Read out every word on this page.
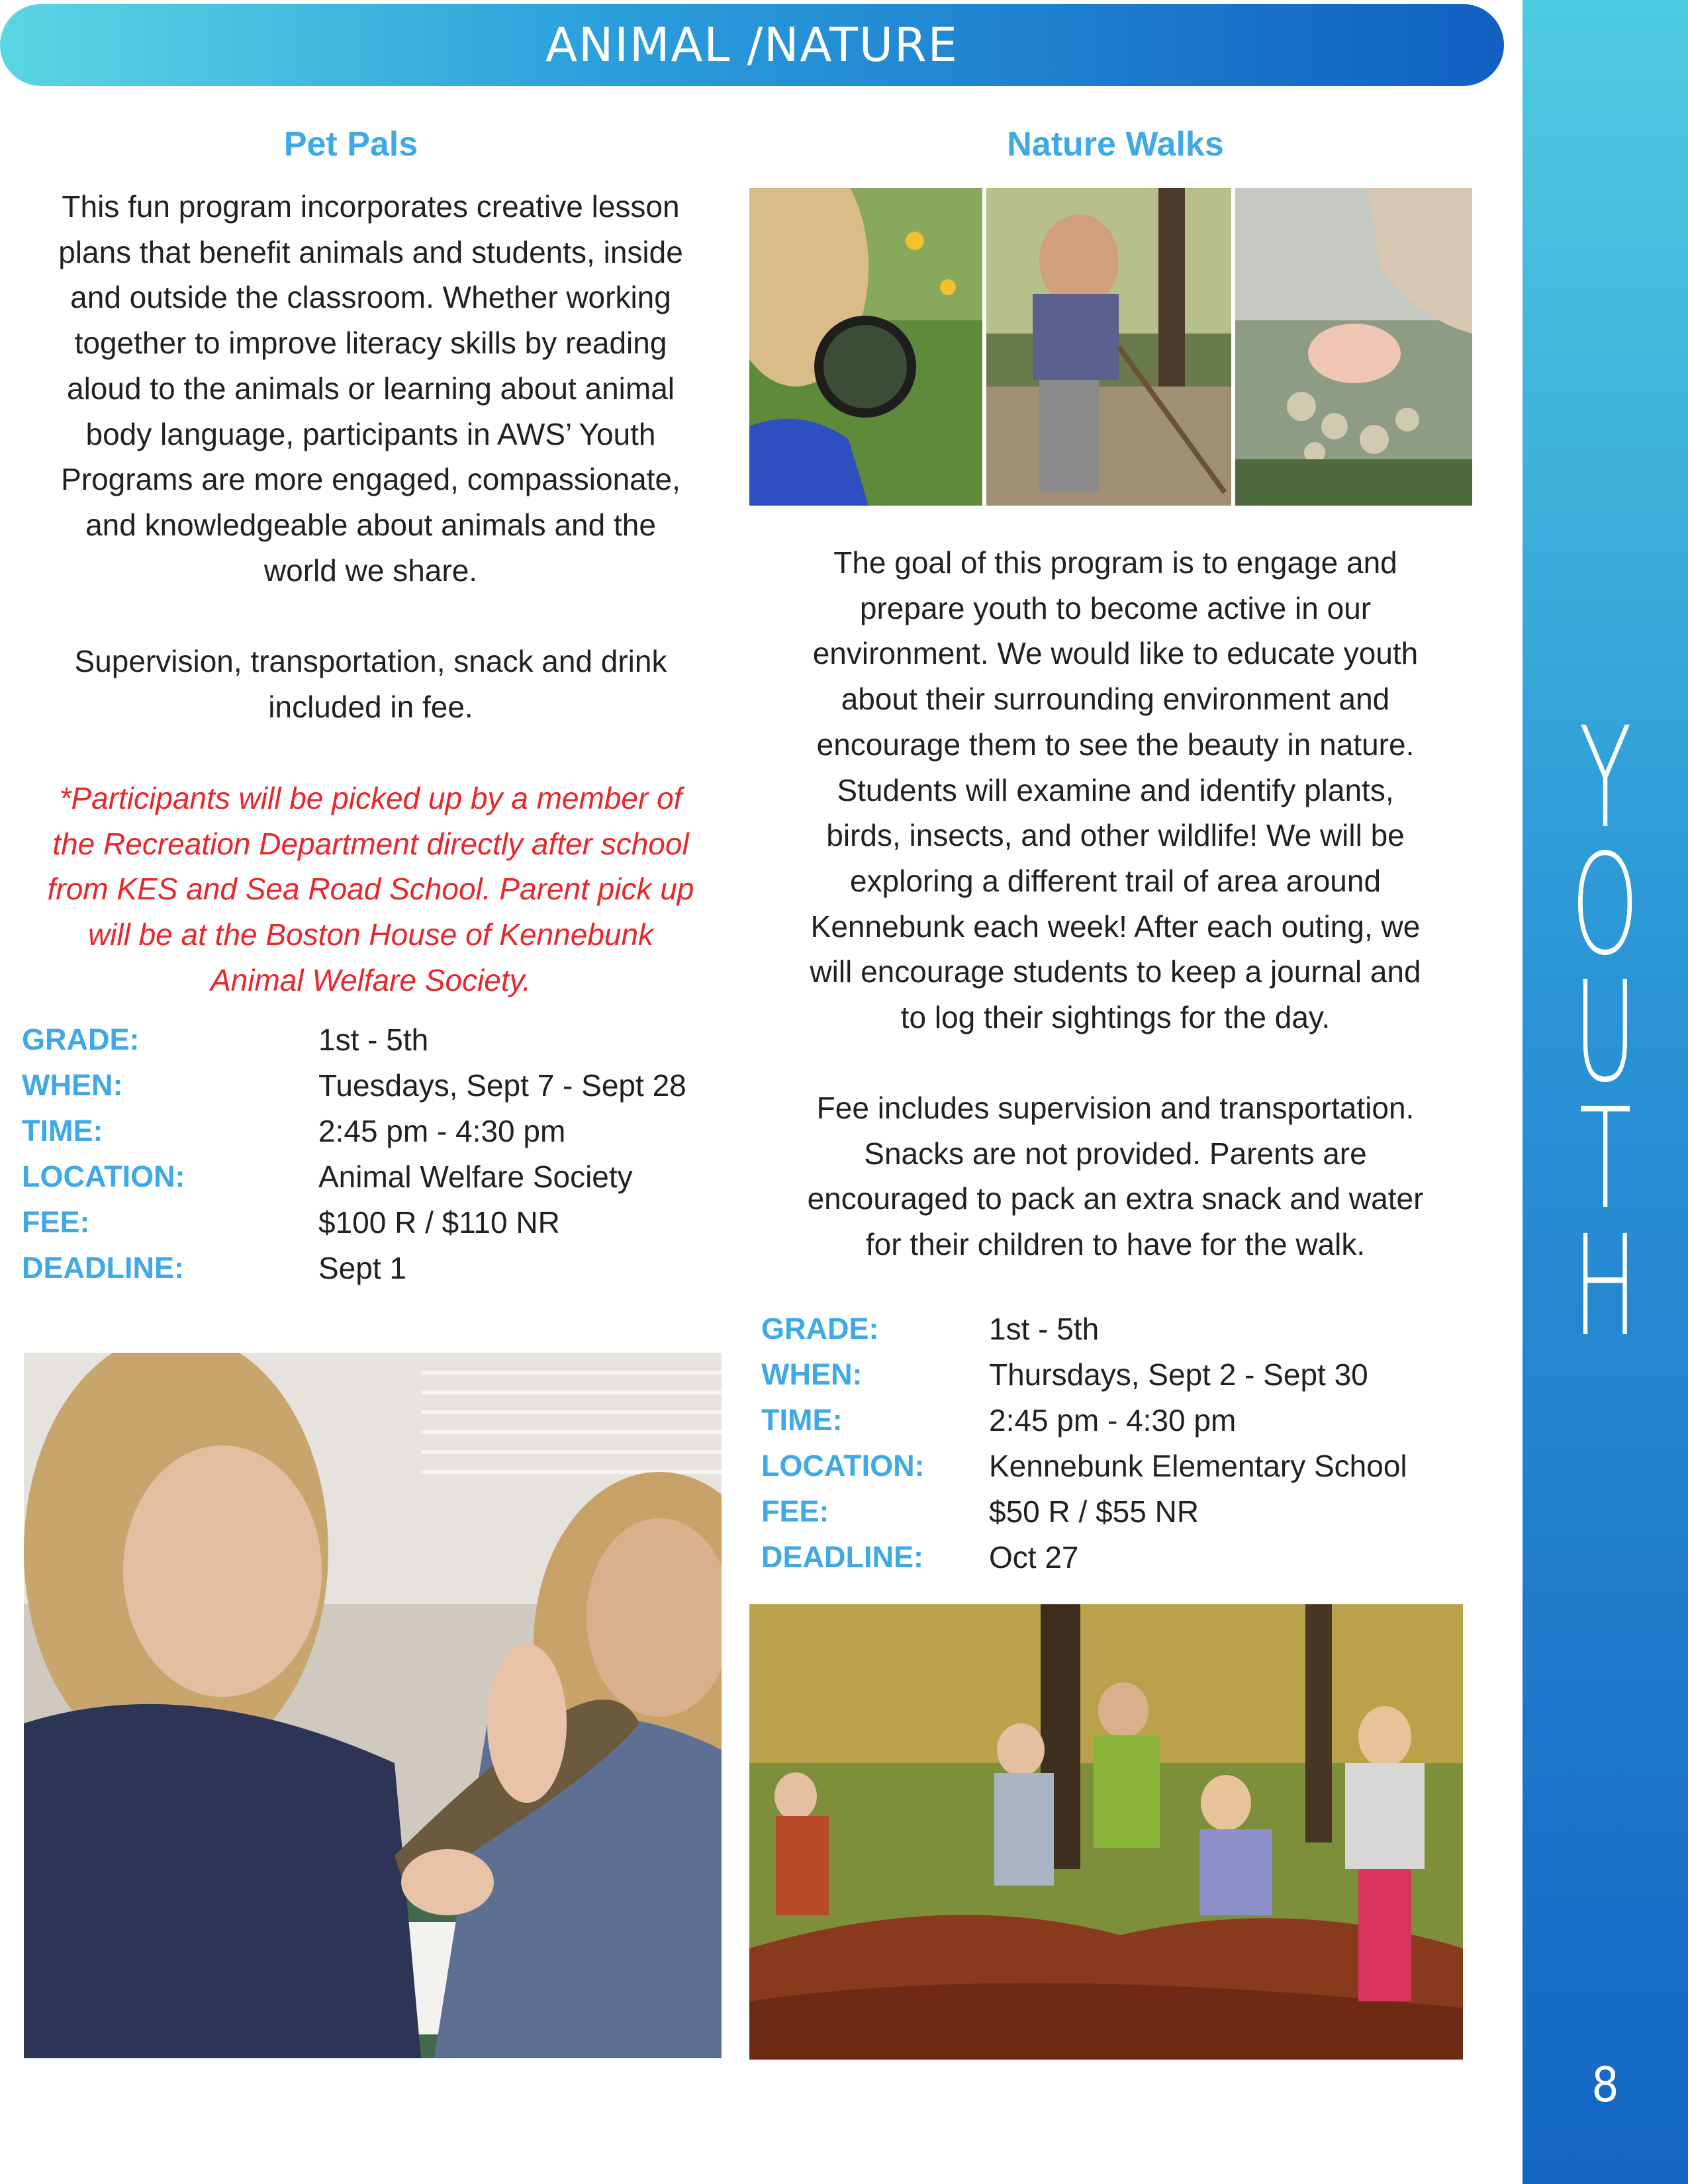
Y
O
U
T
H
8
ANIMAL /NATURE
Pet Pals

This fun program incorporates creative lesson
plans that benefit animals and students, inside
and outside the classroom. Whether working
together to improve literacy skills by reading
aloud to the animals or learning about animal
body language, participants in AWS’ Youth
Programs are more engaged, compassionate,
and knowledgeable about animals and the
world we share.

Supervision, transportation, snack and drink
included in fee.

*Participants will be picked up by a member of
the Recreation Department directly after school
from KES and Sea Road School. Parent pick up
will be at the Boston House of Kennebunk
Animal Welfare Society.

GRADE:	1st - 5th
WHEN:	Tuesdays, Sept 7 - Sept 28
TIME:	2:45 pm - 4:30 pm
LOCATION:	Animal Welfare Society
FEE:	$100 R / $110 NR
DEADLINE:	Sept 1
Nature Walks

The goal of this program is to engage and
prepare youth to become active in our
environment. We would like to educate youth
about their surrounding environment and
encourage them to see the beauty in nature.
Students will examine and identify plants,
birds, insects, and other wildlife! We will be
exploring a different trail of area around
Kennebunk each week! After each outing, we
will encourage students to keep a journal and
to log their sightings for the day.

Fee includes supervision and transportation.
Snacks are not provided. Parents are
encouraged to pack an extra snack and water
for their children to have for the walk.

GRADE:	1st - 5th
WHEN:	Thursdays, Sept 2 - Sept 30
TIME:	2:45 pm - 4:30 pm
LOCATION:	Kennebunk Elementary School
FEE:	$50 R / $55 NR
DEADLINE:	Oct 27
